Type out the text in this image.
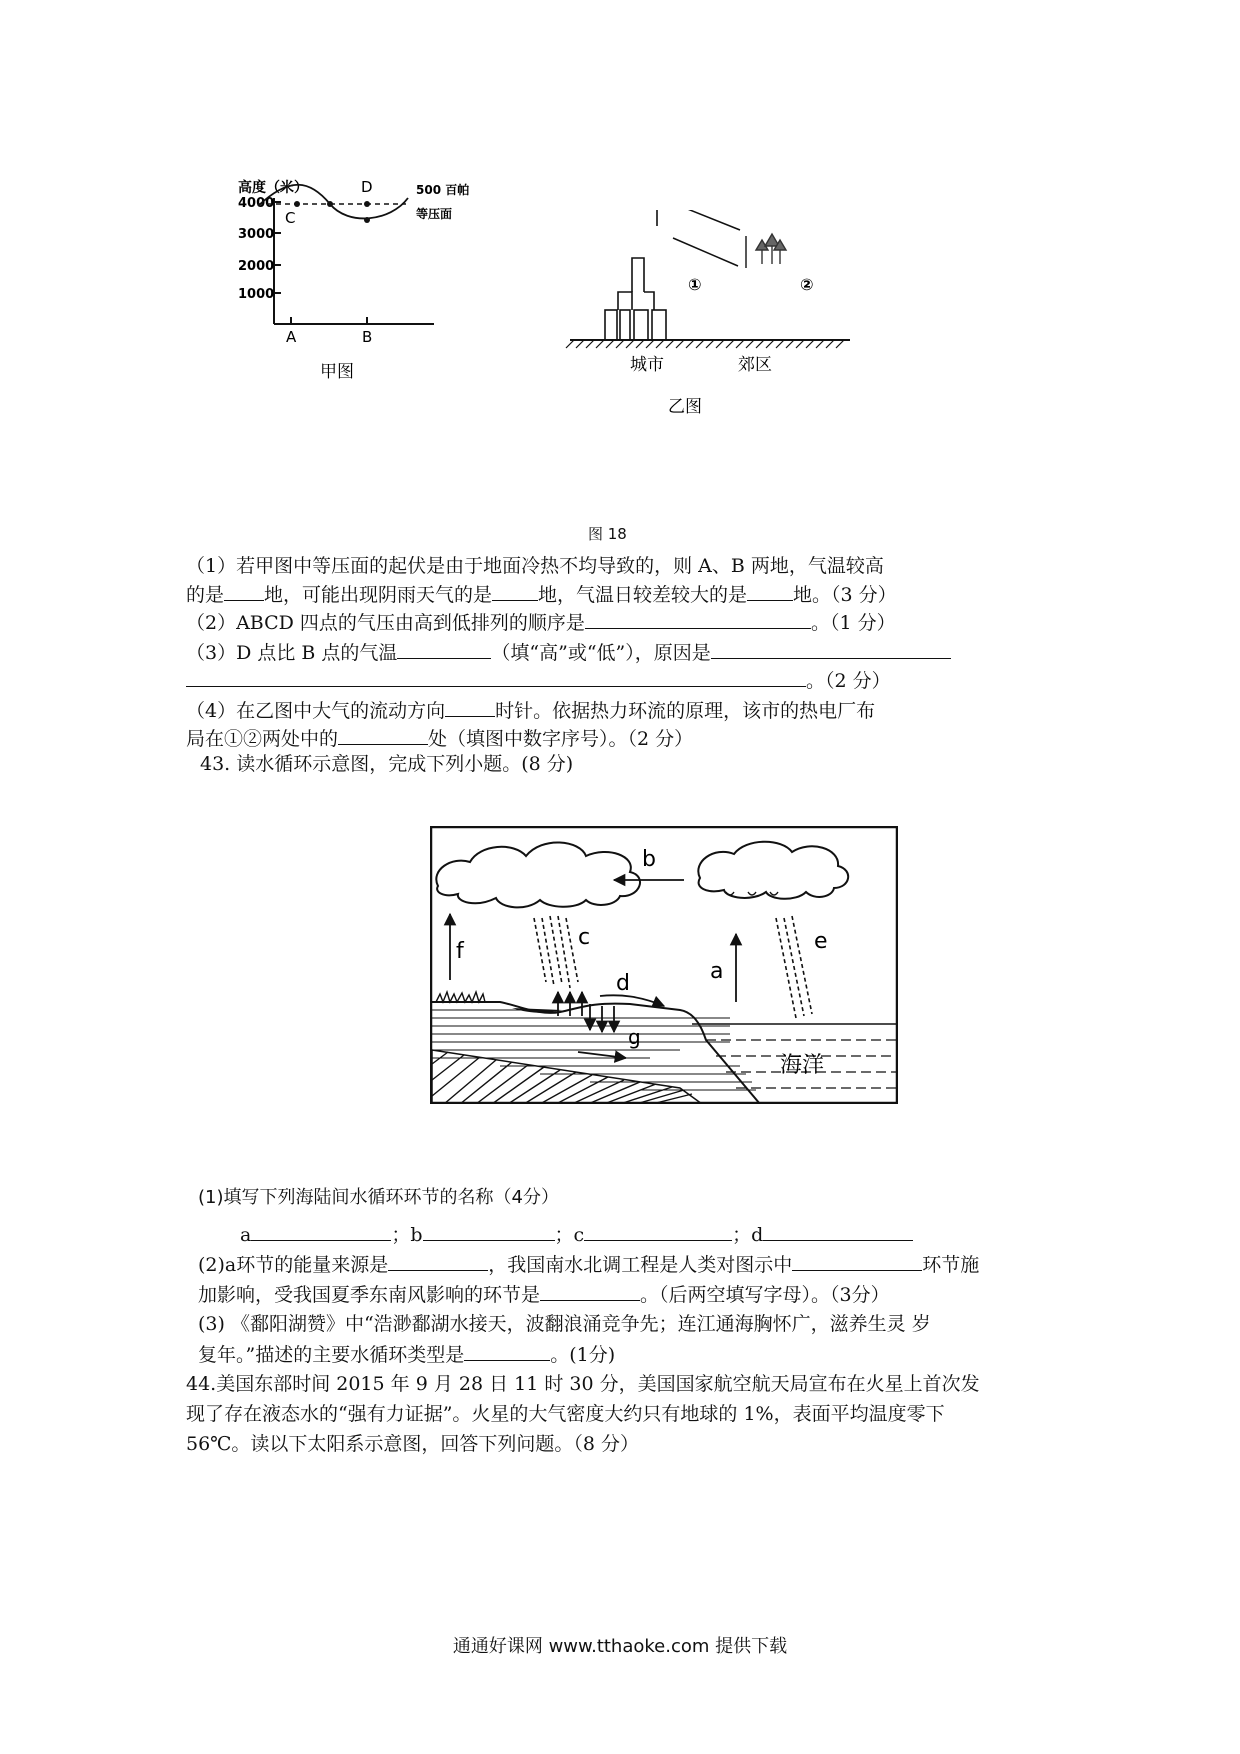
高度（米）
4000
3000
2000
1000
A	B
C
D	500 百帕
等压面
甲图
①	②
城市	郊区
乙图
图 18
（1）若甲图中等压面的起伏是由于地面冷热不均导致的，则 A、B 两地，气温较高
的是 地，可能出现阴雨天气的是 地，气温日较差较大的是 地。（3 分）
（2）ABCD 四点的气压由高到低排列的顺序是	。（1 分）
（3）D 点比 B 点的气温	（填“高”或“低”），原因是
。（2 分）
（4）在乙图中大气的流动方向	时针。依据热力环流的原理，该市的热电厂布
局在①②两处中的	处（填图中数字序号）。（2 分）
43. 读水循环示意图，完成下列小题。(8 分)
b
c
d
e
f
a
g
海洋
(1)填写下列海陆间水循环环节的名称（4分）
a	；b	；c	；d
(2)a环节的能量来源是	，我国南水北调工程是人类对图示中	环节施
加影响，受我国夏季东南风影响的环节是	。（后两空填写字母）。（3分）
(3) 《鄱阳湖赞》中“浩渺鄱湖水接天，波翻浪涌竞争先；连江通海胸怀广，滋养生灵 岁
复年。”描述的主要水循环类型是	。(1分)
44.美国东部时间 2015 年 9 月 28 日 11 时 30 分，美国国家航空航天局宣布在火星上首次发
现了存在液态水的“强有力证据”。火星的大气密度大约只有地球的 1%，表面平均温度零下
56℃。读以下太阳系示意图，回答下列问题。（8 分）
通通好课网 www.tthaoke.com 提供下载
